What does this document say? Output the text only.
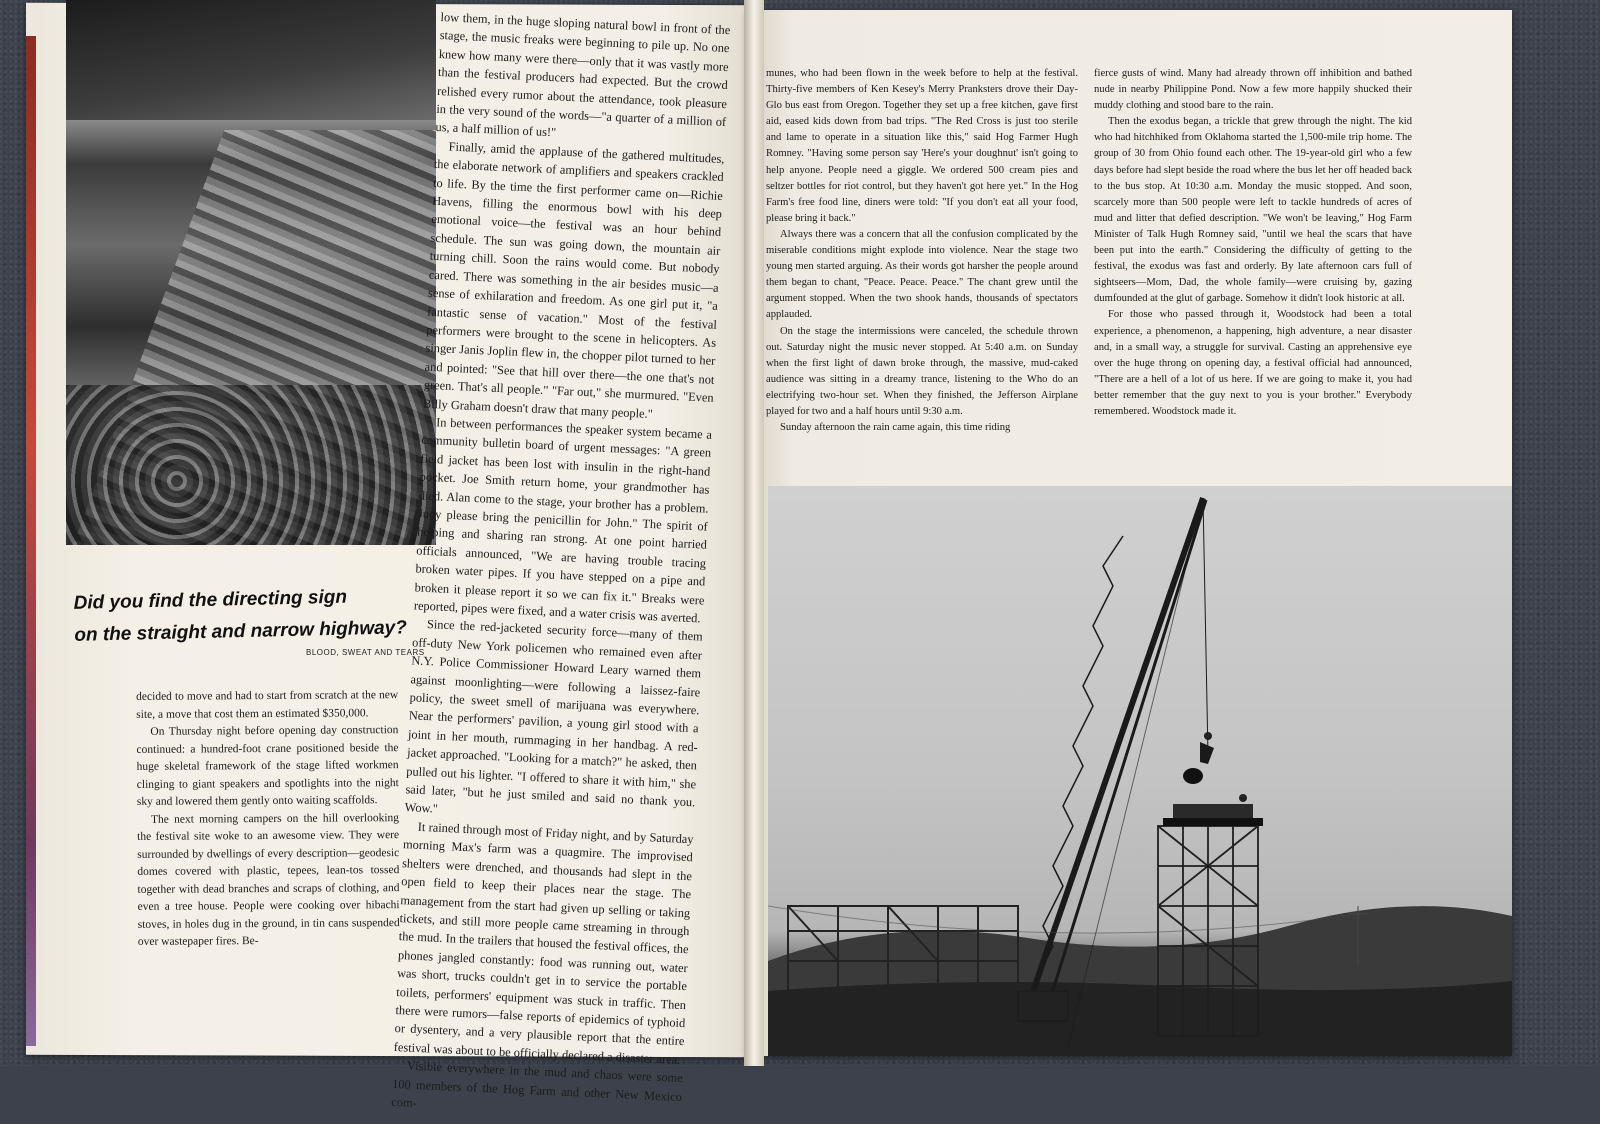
Did you find the directing sign
on the straight and narrow highway?
BLOOD, SWEAT AND TEARS

decided to move and had to start from scratch at the new site, a move that cost them an estimated $350,000.

On Thursday night before opening day construction continued: a hundred-foot crane positioned beside the huge skeletal framework of the stage lifted workmen clinging to giant speakers and spotlights into the night sky and lowered them gently onto waiting scaffolds.

The next morning campers on the hill overlooking the festival site woke to an awesome view. They were surrounded by dwellings of every description—geodesic domes covered with plastic, tepees, lean-tos tossed together with dead branches and scraps of clothing, and even a tree house. People were cooking over hibachi stoves, in holes dug in the ground, in tin cans suspended over wastepaper fires. Be-

low them, in the huge sloping natural bowl in front of the stage, the music freaks were beginning to pile up. No one knew how many were there—only that it was vastly more than the festival producers had expected. But the crowd relished every rumor about the attendance, took pleasure in the very sound of the words—"a quarter of a million of us, a half million of us!"

Finally, amid the applause of the gathered multitudes, the elaborate network of amplifiers and speakers crackled to life. By the time the first performer came on—Richie Havens, filling the enormous bowl with his deep emotional voice—the festival was an hour behind schedule. The sun was going down, the mountain air turning chill. Soon the rains would come. But nobody cared. There was something in the air besides music—a sense of exhilaration and freedom. As one girl put it, "a fantastic sense of vacation." Most of the festival performers were brought to the scene in helicopters. As singer Janis Joplin flew in, the chopper pilot turned to her and pointed: "See that hill over there—the one that's not green. That's all people." "Far out," she murmured. "Even Billy Graham doesn't draw that many people."

In between performances the speaker system became a community bulletin board of urgent messages: "A green field jacket has been lost with insulin in the right-hand pocket. Joe Smith return home, your grandmother has died. Alan come to the stage, your brother has a problem. Judy please bring the penicillin for John." The spirit of helping and sharing ran strong. At one point harried officials announced, "We are having trouble tracing broken water pipes. If you have stepped on a pipe and broken it please report it so we can fix it." Breaks were reported, pipes were fixed, and a water crisis was averted.

Since the red-jacketed security force—many of them off-duty New York policemen who remained even after N.Y. Police Commissioner Howard Leary warned them against moonlighting—were following a laissez-faire policy, the sweet smell of marijuana was everywhere. Near the performers' pavilion, a young girl stood with a joint in her mouth, rummaging in her handbag. A red-jacket approached. "Looking for a match?" he asked, then pulled out his lighter. "I offered to share it with him," she said later, "but he just smiled and said no thank you. Wow."

It rained through most of Friday night, and by Saturday morning Max's farm was a quagmire. The improvised shelters were drenched, and thousands had slept in the open field to keep their places near the stage. The management from the start had given up selling or taking tickets, and still more people came streaming in through the mud. In the trailers that housed the festival offices, the phones jangled constantly: food was running out, water was short, trucks couldn't get in to service the portable toilets, performers' equipment was stuck in traffic. Then there were rumors—false reports of epidemics of typhoid or dysentery, and a very plausible report that the entire festival was about to be officially declared a disaster area.

Visible everywhere in the mud and chaos were some 100 members of the Hog Farm and other New Mexico com-

munes, who had been flown in the week before to help at the festival. Thirty-five members of Ken Kesey's Merry Pranksters drove their Day-Glo bus east from Oregon. Together they set up a free kitchen, gave first aid, eased kids down from bad trips. "The Red Cross is just too sterile and lame to operate in a situation like this," said Hog Farmer Hugh Romney. "Having some person say 'Here's your doughnut' isn't going to help anyone. People need a giggle. We ordered 500 cream pies and seltzer bottles for riot control, but they haven't got here yet." In the Hog Farm's free food line, diners were told: "If you don't eat all your food, please bring it back."

Always there was a concern that all the confusion complicated by the miserable conditions might explode into violence. Near the stage two young men started arguing. As their words got harsher the people around them began to chant, "Peace. Peace. Peace." The chant grew until the argument stopped. When the two shook hands, thousands of spectators applauded.

On the stage the intermissions were canceled, the schedule thrown out. Saturday night the music never stopped. At 5:40 a.m. on Sunday when the first light of dawn broke through, the massive, mud-caked audience was sitting in a dreamy trance, listening to the Who do an electrifying two-hour set. When they finished, the Jefferson Airplane played for two and a half hours until 9:30 a.m.

Sunday afternoon the rain came again, this time riding

fierce gusts of wind. Many had already thrown off inhibition and bathed nude in nearby Philippine Pond. Now a few more happily shucked their muddy clothing and stood bare to the rain.

Then the exodus began, a trickle that grew through the night. The kid who had hitchhiked from Oklahoma started the 1,500-mile trip home. The group of 30 from Ohio found each other. The 19-year-old girl who a few days before had slept beside the road where the bus let her off headed back to the bus stop. At 10:30 a.m. Monday the music stopped. And soon, scarcely more than 500 people were left to tackle hundreds of acres of mud and litter that defied description. "We won't be leaving," Hog Farm Minister of Talk Hugh Romney said, "until we heal the scars that have been put into the earth." Considering the difficulty of getting to the festival, the exodus was fast and orderly. By late afternoon cars full of sightseers—Mom, Dad, the whole family—were cruising by, gazing dumfounded at the glut of garbage. Somehow it didn't look historic at all.

For those who passed through it, Woodstock had been a total experience, a phenomenon, a happening, high adventure, a near disaster and, in a small way, a struggle for survival. Casting an apprehensive eye over the huge throng on opening day, a festival official had announced, "There are a hell of a lot of us here. If we are going to make it, you had better remember that the guy next to you is your brother." Everybody remembered. Woodstock made it.
